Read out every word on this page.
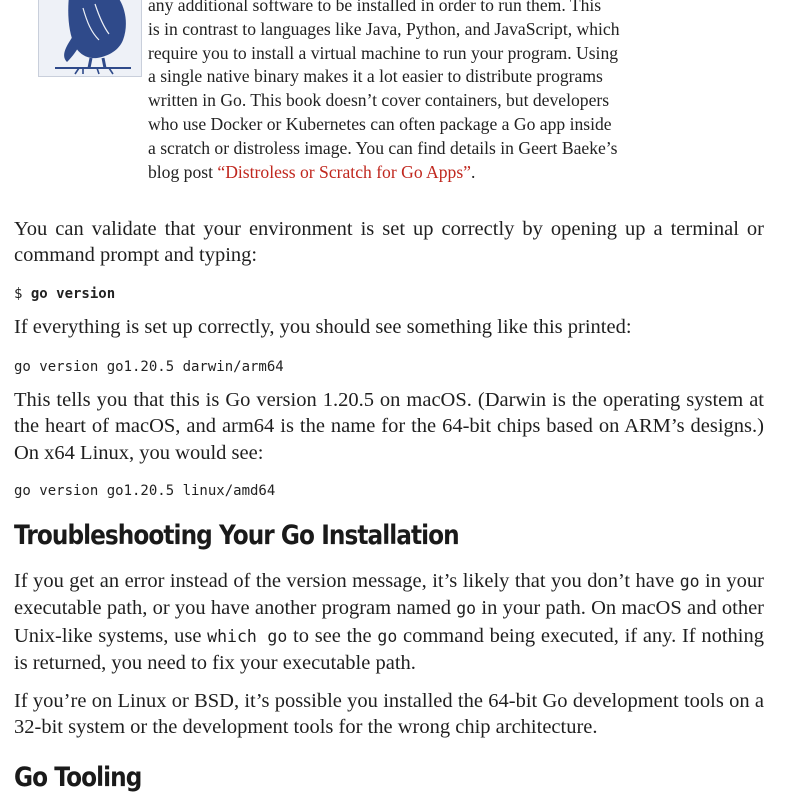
any additional software to be installed in order to run them. This
is in contrast to languages like Java, Python, and JavaScript, which
require you to install a virtual machine to run your program. Using
a single native binary makes it a lot easier to distribute programs
written in Go. This book doesn’t cover containers, but developers
who use Docker or Kubernetes can often package a Go app inside
a scratch or distroless image. You can find details in Geert Baeke’s
blog post “Distroless or Scratch for Go Apps”.
You can validate that your environment is set up correctly by opening up a terminal or command prompt and typing:
$ go version
If everything is set up correctly, you should see something like this printed:
go version go1.20.5 darwin/arm64
This tells you that this is Go version 1.20.5 on macOS. (Darwin is the operating system at the heart of macOS, and arm64 is the name for the 64-bit chips based on ARM’s designs.) On x64 Linux, you would see:
go version go1.20.5 linux/amd64
Troubleshooting Your Go Installation
If you get an error instead of the version message, it’s likely that you don’t have go in your executable path, or you have another program named go in your path. On macOS and other Unix-like systems, use which go to see the go command being executed, if any. If nothing is returned, you need to fix your executable path.
If you’re on Linux or BSD, it’s possible you installed the 64-bit Go development tools on a 32-bit system or the development tools for the wrong chip architecture.
Go Tooling
